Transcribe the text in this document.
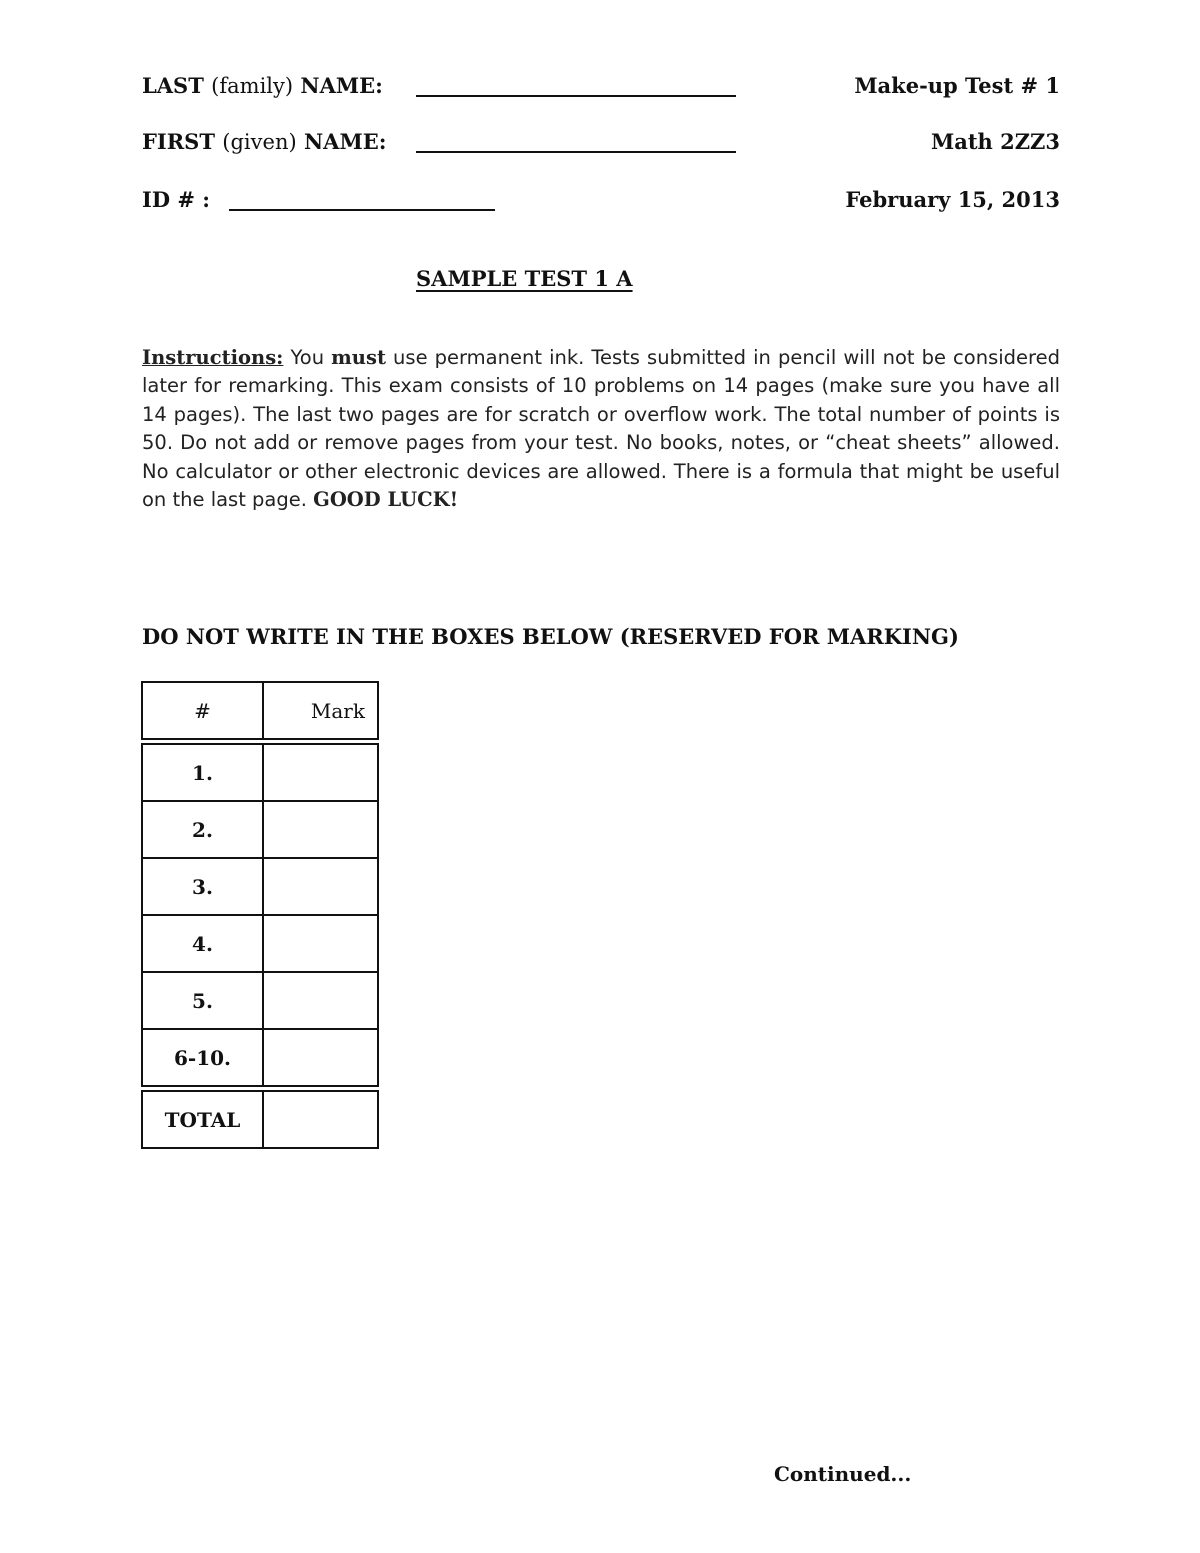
LAST (family) NAME:	Make-up Test # 1
FIRST (given) NAME:	Math 2ZZ3
ID # :	February 15, 2013
SAMPLE TEST 1 A
Instructions: You must use permanent ink. Tests submitted in pencil will not be considered later for remarking. This exam consists of 10 problems on 14 pages (make sure you have all 14 pages). The last two pages are for scratch or overflow work. The total number of points is 50. Do not add or remove pages from your test. No books, notes, or “cheat sheets” allowed. No calculator or other electronic devices are allowed. There is a formula that might be useful on the last page. GOOD LUCK!
DO NOT WRITE IN THE BOXES BELOW (RESERVED FOR MARKING)
#	Mark
1.
2.
3.
4.
5.
6-10.
TOTAL
Continued...
